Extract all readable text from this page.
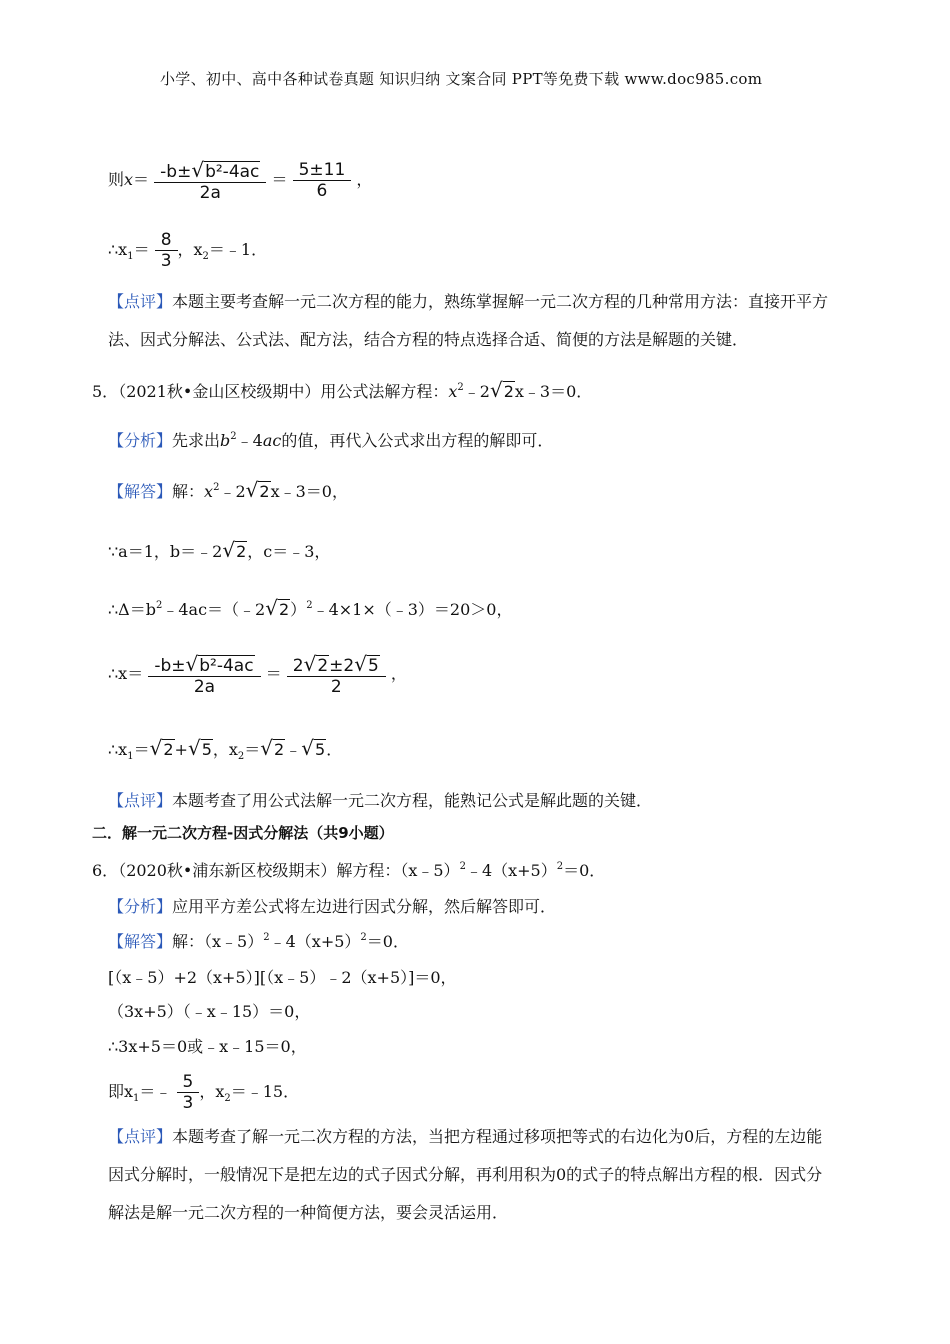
小学、初中、高中各种试卷真题 知识归纳 文案合同 PPT等免费下载 www.doc985.com
则$x= \frac{\text{-b±√b²-4ac}}{2a} = \frac{5\pm 11}{6}$ ，
$\therefore x_1= \frac{8}{3}$ ，$x_2=﹣1$．
【点评】本题主要考查解一元二次方程的能力，熟练掌握解一元二次方程的几种常用方法：直接开平方
法、因式分解法、公式法、配方法，结合方程的特点选择合适、简便的方法是解题的关键．
5．（2021秋•金山区校级期中）用公式法解方程：$x^2﹣2√2x﹣3=0$．
【分析】先求出$b^2﹣4ac$的值，再代入公式求出方程的解即可．
【解答】解：$x^2﹣2√2x﹣3=0$，
∵a＝1，b＝﹣2√2，c＝﹣3，
$\therefore\Delta=b^2﹣4ac=(﹣2√2)^2﹣4\times 1\times(﹣3)=20>0$，
∴x＝ $\frac{\text{-b±√b²-4ac}}{2a} = \frac{2√2\pm 2√5}{2}$ ，
$\therefore x_1=√2+√5$，$x_2=√2﹣√5$．
【点评】本题考查了用公式法解一元二次方程，能熟记公式是解此题的关键．
二．解一元二次方程-因式分解法（共9小题）
6．（2020秋•浦东新区校级期末）解方程：$(x﹣5)^2﹣4(x+5)^2=0$．
【分析】应用平方差公式将左边进行因式分解，然后解答即可．
【解答】解：$(x﹣5)^2﹣4(x+5)^2=0$．
[（x﹣5）+2（x+5）][（x﹣5）﹣2（x+5）]＝0，
（3x+5）（﹣x﹣15）＝0，
∴3x+5＝0或﹣x﹣15＝0，
即$x_1=﹣ \frac{5}{3}$ ，$x_2=﹣15$．
【点评】本题考查了解一元二次方程的方法，当把方程通过移项把等式的右边化为0后，方程的左边能
因式分解时，一般情况下是把左边的式子因式分解，再利用积为0的式子的特点解出方程的根．因式分
解法是解一元二次方程的一种简便方法，要会灵活运用．
